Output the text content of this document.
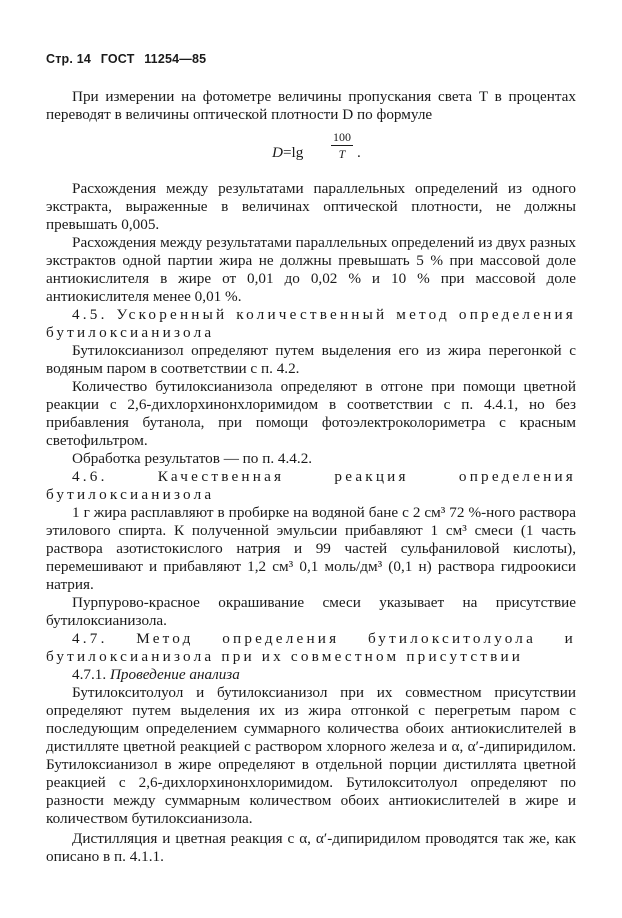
Стр. 14 ГОСТ 11254—85

При измерении на фотометре величины пропускания света T в процентах переводят в величины оптической плотности D по формуле

$D=\lg \frac{100}{T}$ .

Расхождения между результатами параллельных определений из одного экстракта, выраженные в величинах оптической плотности, не должны превышать 0,005.

Расхождения между результатами параллельных определений из двух разных экстрактов одной партии жира не должны превышать 5 % при массовой доле антиокислителя в жире от 0,01 до 0,02 % и 10 % при массовой доле антиокислителя менее 0,01 %.

4.5. Ускоренный количественный метод определения бутилоксианизола

Бутилоксианизол определяют путем выделения его из жира перегонкой с водяным паром в соответствии с п. 4.2.

Количество бутилоксианизола определяют в отгоне при помощи цветной реакции с 2,6-дихлорхинонхлоримидом в соответствии с п. 4.4.1, но без прибавления бутанола, при помощи фотоэлектроколориметра с красным светофильтром.

Обработка результатов — по п. 4.4.2.

4.6. Качественная реакция определения бутилоксианизола

1 г жира расплавляют в пробирке на водяной бане с 2 см³ 72 %-ного раствора этилового спирта. К полученной эмульсии прибавляют 1 см³ смеси (1 часть раствора азотистокислого натрия и 99 частей сульфаниловой кислоты), перемешивают и прибавляют 1,2 см³ 0,1 моль/дм³ (0,1 н) раствора гидроокиси натрия.

Пурпурово-красное окрашивание смеси указывает на присутствие бутилоксианизола.

4.7. Метод определения бутилокситолуола и бутилоксианизола при их совместном присутствии

4.7.1. Проведение анализа

Бутилокситолуол и бутилоксианизол при их совместном присутствии определяют путем выделения их из жира отгонкой с перегретым паром с последующим определением суммарного количества обоих антиокислителей в дистилляте цветной реакцией с раствором хлорного железа и α, α′-дипиридилом. Бутилоксианизол в жире определяют в отдельной порции дистиллята цветной реакцией с 2,6-дихлорхинонхлоримидом. Бутилокситолуол определяют по разности между суммарным количеством обоих антиокислителей в жире и количеством бутилоксианизола.

Дистилляция и цветная реакция с α, α′-дипиридилом проводятся так же, как описано в п. 4.1.1.
